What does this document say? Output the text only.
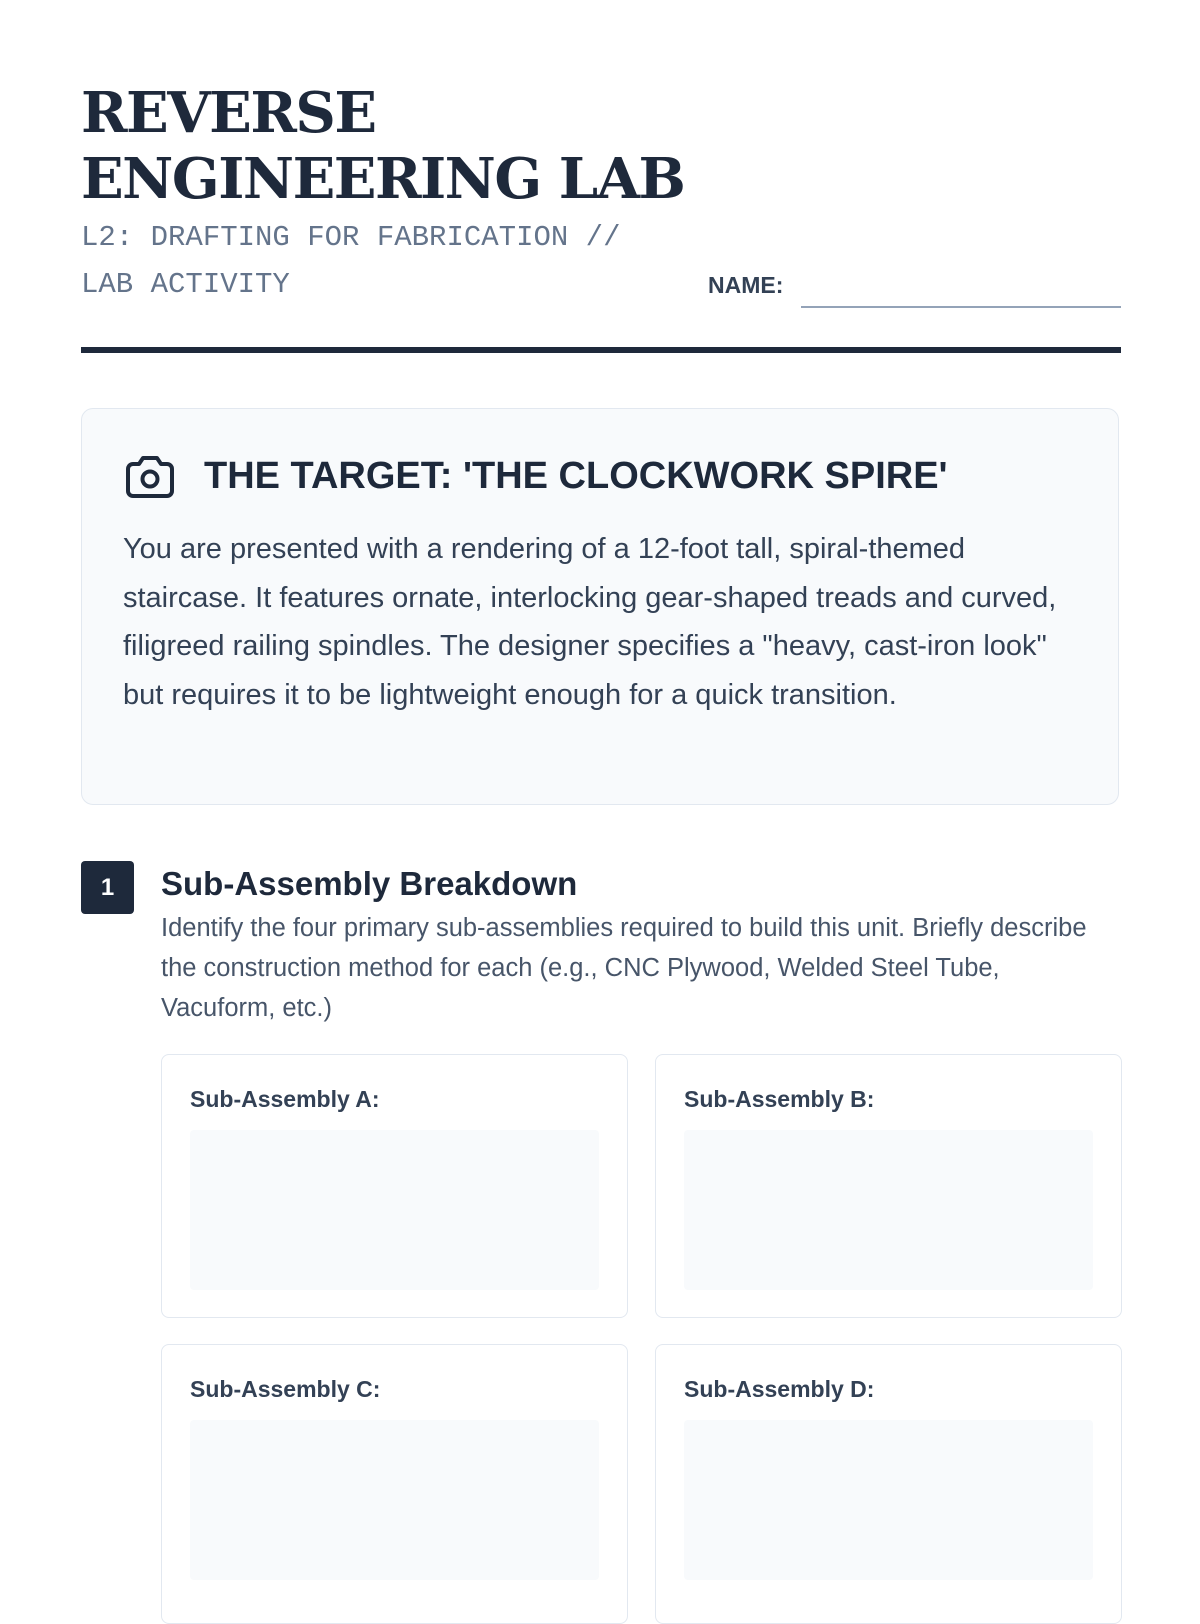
REVERSE
ENGINEERING LAB
L2: DRAFTING FOR FABRICATION //
LAB ACTIVITY	NAME:
THE TARGET: 'THE CLOCKWORK SPIRE'

You are presented with a rendering of a 12-foot tall, spiral-themed staircase. It features ornate, interlocking gear-shaped treads and curved, filigreed railing spindles. The designer specifies a "heavy, cast-iron look" but requires it to be lightweight enough for a quick transition.

1	Sub-Assembly Breakdown

Identify the four primary sub-assemblies required to build this unit. Briefly describe the construction method for each (e.g., CNC Plywood, Welded Steel Tube, Vacuform, etc.)

Sub-Assembly A:	Sub-Assembly B:
Sub-Assembly C:	Sub-Assembly D:
